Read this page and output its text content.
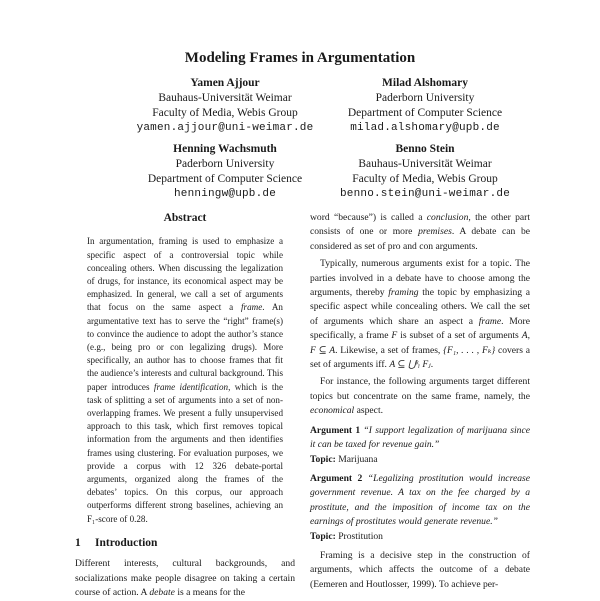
Modeling Frames in Argumentation
Yamen Ajjour
Bauhaus-Universität Weimar
Faculty of Media, Webis Group
yamen.ajjour@uni-weimar.de
Milad Alshomary
Paderborn University
Department of Computer Science
milad.alshomary@upb.de
Henning Wachsmuth
Paderborn University
Department of Computer Science
henningw@upb.de
Benno Stein
Bauhaus-Universität Weimar
Faculty of Media, Webis Group
benno.stein@uni-weimar.de
Abstract

In argumentation, framing is used to emphasize a specific aspect of a controversial topic while concealing others. When discussing the legalization of drugs, for instance, its economical aspect may be emphasized. In general, we call a set of arguments that focus on the same aspect a frame. An argumentative text has to serve the “right” frame(s) to convince the audience to adopt the author’s stance (e.g., being pro or con legalizing drugs). More specifically, an author has to choose frames that fit the audience’s interests and cultural background. This paper introduces frame identification, which is the task of splitting a set of arguments into a set of non-overlapping frames. We present a fully unsupervised approach to this task, which first removes topical information from the arguments and then identifies frames using clustering. For evaluation purposes, we provide a corpus with 12 326 debate-portal arguments, organized along the frames of the debates’ topics. On this corpus, our approach outperforms different strong baselines, achieving an F₁-score of 0.28.

1 Introduction

Different interests, cultural backgrounds, and socializations make people disagree on taking a certain course of action. A debate is a means for the

word “because”) is called a conclusion, the other part consists of one or more premises. A debate can be considered as set of pro and con arguments.

Typically, numerous arguments exist for a topic. The parties involved in a debate have to choose among the arguments, thereby framing the topic by emphasizing a specific aspect while concealing others. We call the set of arguments which share an aspect a frame. More specifically, a frame F is subset of a set of arguments A, F ⊆ A. Likewise, a set of frames, {F₁, . . . , Fₖ} covers a set of arguments iff. A ⊆ ⋃ᵏᵢ Fⱼ.

For instance, the following arguments target different topics but concentrate on the same frame, namely, the economical aspect.

Argument 1 “I support legalization of marijuana since it can be taxed for revenue gain.”
Topic: Marijuana
Argument 2 “Legalizing prostitution would increase government revenue. A tax on the fee charged by a prostitute, and the imposition of income tax on the earnings of prostitutes would generate revenue.”
Topic: Prostitution

Framing is a decisive step in the construction of arguments, which affects the outcome of a debate (Eemeren and Houtlosser, 1999). To achieve per-
